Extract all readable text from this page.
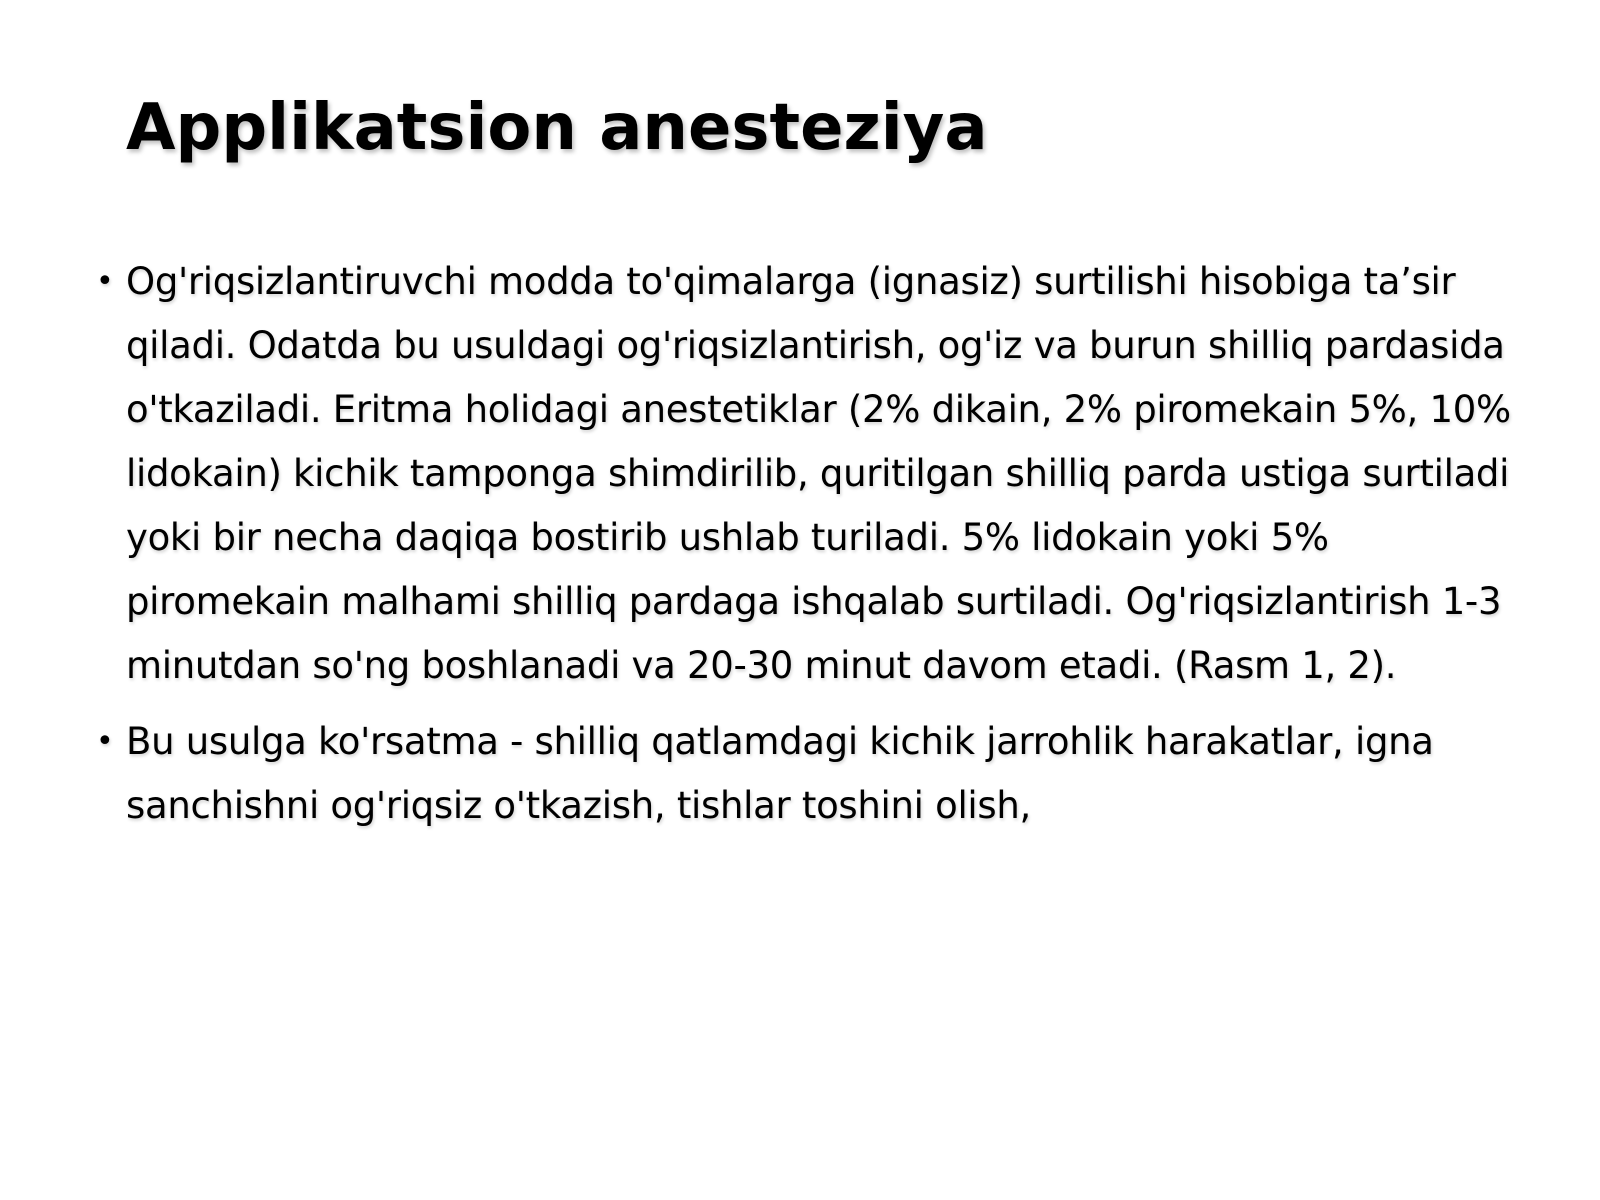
Applikatsion anesteziya
• Og'riqsizlantiruvchi modda to'qimalarga (ignasiz) surtilishi hisobiga ta’sir qiladi. Odatda bu usuldagi og'riqsizlantirish, og'iz va burun shilliq pardasida o'tkaziladi. Eritma holidagi anestetiklar (2% dikain, 2% piromekain 5%, 10% lidokain) kichik tamponga shimdirilib, quritilgan shilliq parda ustiga surtiladi yoki bir necha daqiqa bostirib ushlab turiladi. 5% lidokain yoki 5% piromekain malhami shilliq pardaga ishqalab surtiladi. Og'riqsizlantirish 1-3 minutdan so'ng boshlanadi va 20-30 minut davom etadi. (Rasm 1, 2).
• Bu usulga ko'rsatma - shilliq qatlamdagi kichik jarrohlik harakatlar, igna sanchishni og'riqsiz o'tkazish, tishlar toshini olish,
